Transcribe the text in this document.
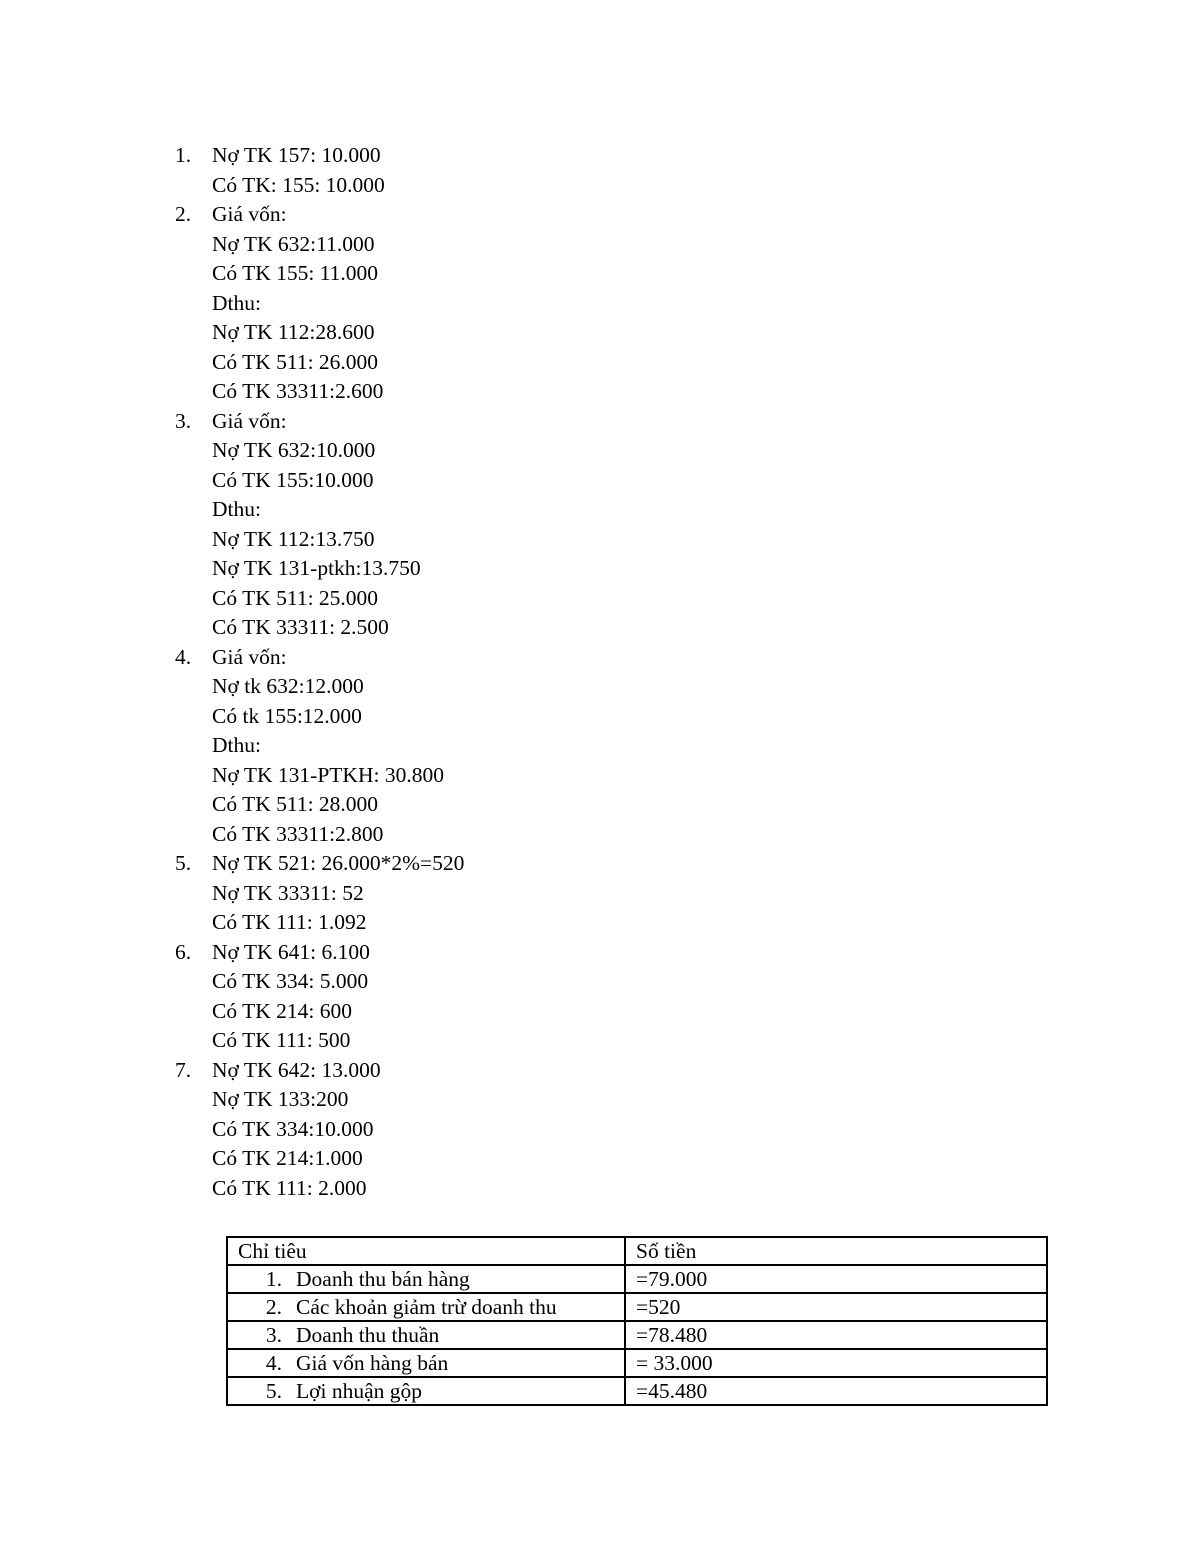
1. Nợ TK 157: 10.000
Có TK: 155: 10.000
2. Giá vốn:
Nợ TK 632:11.000
Có TK 155: 11.000
Dthu:
Nợ TK 112:28.600
Có TK 511: 26.000
Có TK 33311:2.600
3. Giá vốn:
Nợ TK 632:10.000
Có TK 155:10.000
Dthu:
Nợ TK 112:13.750
Nợ TK 131-ptkh:13.750
Có TK 511: 25.000
Có TK 33311: 2.500
4. Giá vốn:
Nợ tk 632:12.000
Có tk 155:12.000
Dthu:
Nợ TK 131-PTKH: 30.800
Có TK 511: 28.000
Có TK 33311:2.800
5. Nợ TK 521: 26.000*2%=520
Nợ TK 33311: 52
Có TK 111: 1.092
6. Nợ TK 641: 6.100
Có TK 334: 5.000
Có TK 214: 600
Có TK 111: 500
7. Nợ TK 642: 13.000
Nợ TK 133:200
Có TK 334:10.000
Có TK 214:1.000
Có TK 111: 2.000
Chỉ tiêu	Số tiền
1. Doanh thu bán hàng	=79.000
2. Các khoản giảm trừ doanh thu	=520
3. Doanh thu thuần	=78.480
4. Giá vốn hàng bán	= 33.000
5. Lợi nhuận gộp	=45.480
